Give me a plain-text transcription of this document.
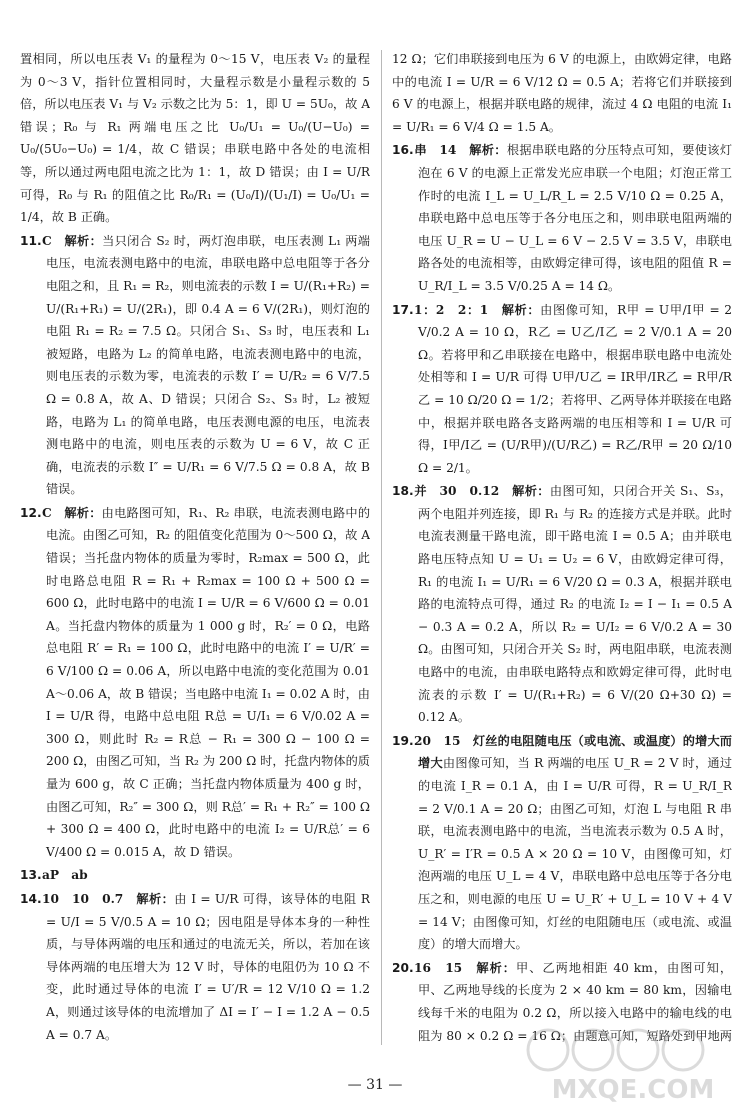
置相同，所以电压表 V₁ 的量程为 0～15 V，电压表 V₂ 的量程为 0～3 V，指针位置相同时，大量程示数是小量程示数的 5 倍，所以电压表 V₁ 与 V₂ 示数之比为 5：1，即 U = 5U₀，故 A 错误；R₀ 与 R₁ 两端电压之比 U₀/U₁ = U₀/(U−U₀) = U₀/(5U₀−U₀) = 1/4，故 C 错误；串联电路中各处的电流相等，所以通过两电阻电流之比为 1：1，故 D 错误；由 I = U/R 可得，R₀ 与 R₁ 的阻值之比 R₀/R₁ = (U₀/I)/(U₁/I) = U₀/U₁ = 1/4，故 B 正确。

11.C　解析：当只闭合 S₂ 时，两灯泡串联，电压表测 L₁ 两端电压，电流表测电路中的电流，串联电路中总电阻等于各分电阻之和，且 R₁ = R₂，则电流表的示数 I = U/(R₁+R₂) = U/(R₁+R₁) = U/(2R₁)，即 0.4 A = 6 V/(2R₁)，则灯泡的电阻 R₁ = R₂ = 7.5 Ω。只闭合 S₁、S₃ 时，电压表和 L₁ 被短路，电路为 L₂ 的简单电路，电流表测电路中的电流，则电压表的示数为零，电流表的示数 I′ = U/R₂ = 6 V/7.5 Ω = 0.8 A，故 A、D 错误；只闭合 S₂、S₃ 时，L₂ 被短路，电路为 L₁ 的简单电路，电压表测电源的电压，电流表测电路中的电流，则电压表的示数为 U = 6 V，故 C 正确，电流表的示数 I″ = U/R₁ = 6 V/7.5 Ω = 0.8 A，故 B 错误。

12.C　解析：由电路图可知，R₁、R₂ 串联，电流表测电路中的电流。由图乙可知，R₂ 的阻值变化范围为 0～500 Ω，故 A 错误；当托盘内物体的质量为零时，R₂max = 500 Ω，此时电路总电阻 R = R₁ + R₂max = 100 Ω + 500 Ω = 600 Ω，此时电路中的电流 I = U/R = 6 V/600 Ω = 0.01 A。当托盘内物体的质量为 1 000 g 时，R₂′ = 0 Ω，电路总电阻 R′ = R₁ = 100 Ω，此时电路中的电流 I′ = U/R′ = 6 V/100 Ω = 0.06 A，所以电路中电流的变化范围为 0.01 A～0.06 A，故 B 错误；当电路中电流 I₁ = 0.02 A 时，由 I = U/R 得，电路中总电阻 R总 = U/I₁ = 6 V/0.02 A = 300 Ω，则此时 R₂ = R总 − R₁ = 300 Ω − 100 Ω = 200 Ω，由图乙可知，当 R₂ 为 200 Ω 时，托盘内物体的质量为 600 g，故 C 正确；当托盘内物体质量为 400 g 时，由图乙可知，R₂″ = 300 Ω，则 R总′ = R₁ + R₂″ = 100 Ω + 300 Ω = 400 Ω，此时电路中的电流 I₂ = U/R总′ = 6 V/400 Ω = 0.015 A，故 D 错误。

13.aP　ab

14.10　10　0.7　解析：由 I = U/R 可得，该导体的电阻 R = U/I = 5 V/0.5 A = 10 Ω；因电阻是导体本身的一种性质，与导体两端的电压和通过的电流无关，所以，若加在该导体两端的电压增大为 12 V 时，导体的电阻仍为 10 Ω 不变，此时通过导体的电流 I′ = U′/R = 12 V/10 Ω = 1.2 A，则通过该导体的电流增加了 ΔI = I′ − I = 1.2 A − 0.5 A = 0.7 A。

12 Ω；它们串联接到电压为 6 V 的电源上，由欧姆定律，电路中的电流 I = U/R = 6 V/12 Ω = 0.5 A；若将它们并联接到 6 V 的电源上，根据并联电路的规律，流过 4 Ω 电阻的电流 I₁ = U/R₁ = 6 V/4 Ω = 1.5 A。

16.串　14　解析：根据串联电路的分压特点可知，要使该灯泡在 6 V 的电源上正常发光应串联一个电阻；灯泡正常工作时的电流 I_L = U_L/R_L = 2.5 V/10 Ω = 0.25 A，串联电路中总电压等于各分电压之和，则串联电阻两端的电压 U_R = U − U_L = 6 V − 2.5 V = 3.5 V，串联电路各处的电流相等，由欧姆定律可得，该电阻的阻值 R = U_R/I_L = 3.5 V/0.25 A = 14 Ω。

17.1：2　2：1　解析：由图像可知，R甲 = U甲/I甲 = 2 V/0.2 A = 10 Ω，R乙 = U乙/I乙 = 2 V/0.1 A = 20 Ω。若将甲和乙串联接在电路中，根据串联电路中电流处处相等和 I = U/R 可得 U甲/U乙 = IR甲/IR乙 = R甲/R乙 = 10 Ω/20 Ω = 1/2；若将甲、乙两导体并联接在电路中，根据并联电路各支路两端的电压相等和 I = U/R 可得，I甲/I乙 = (U/R甲)/(U/R乙) = R乙/R甲 = 20 Ω/10 Ω = 2/1。

18.并　30　0.12　解析：由图可知，只闭合开关 S₁、S₃，两个电阻并列连接，即 R₁ 与 R₂ 的连接方式是并联。此时电流表测量干路电流，即干路电流 I = 0.5 A；由并联电路电压特点知 U = U₁ = U₂ = 6 V，由欧姆定律可得，R₁ 的电流 I₁ = U/R₁ = 6 V/20 Ω = 0.3 A，根据并联电路的电流特点可得，通过 R₂ 的电流 I₂ = I − I₁ = 0.5 A − 0.3 A = 0.2 A，所以 R₂ = U/I₂ = 6 V/0.2 A = 30 Ω。由图可知，只闭合开关 S₂ 时，两电阻串联，电流表测电路中的电流，由串联电路特点和欧姆定律可得，此时电流表的示数 I′ = U/(R₁+R₂) = 6 V/(20 Ω+30 Ω) = 0.12 A。

19.20　15　灯丝的电阻随电压（或电流、或温度）的增大而增大由图像可知，当 R 两端的电压 U_R = 2 V 时，通过的电流 I_R = 0.1 A，由 I = U/R 可得，R = U_R/I_R = 2 V/0.1 A = 20 Ω；由图乙可知，灯泡 L 与电阻 R 串联，电流表测电路中的电流，当电流表示数为 0.5 A 时，U_R′ = I′R = 0.5 A × 20 Ω = 10 V，由图像可知，灯泡两端的电压 U_L = 4 V，串联电路中总电压等于各分电压之和，则电源的电压 U = U_R′ + U_L = 10 V + 4 V = 14 V；由图像可知，灯丝的电阻随电压（或电流、或温度）的增大而增大。

20.16　15　解析：甲、乙两地相距 40 km，由图可知，甲、乙两地导线的长度为 2 × 40 km = 80 km，因输电线每千米的电阻为 0.2 Ω，所以接入电路中的输电线的电阻为 80 × 0.2 Ω = 16 Ω；由题意可知，短路处到甲地两

— 31 —	MXQE.COM
